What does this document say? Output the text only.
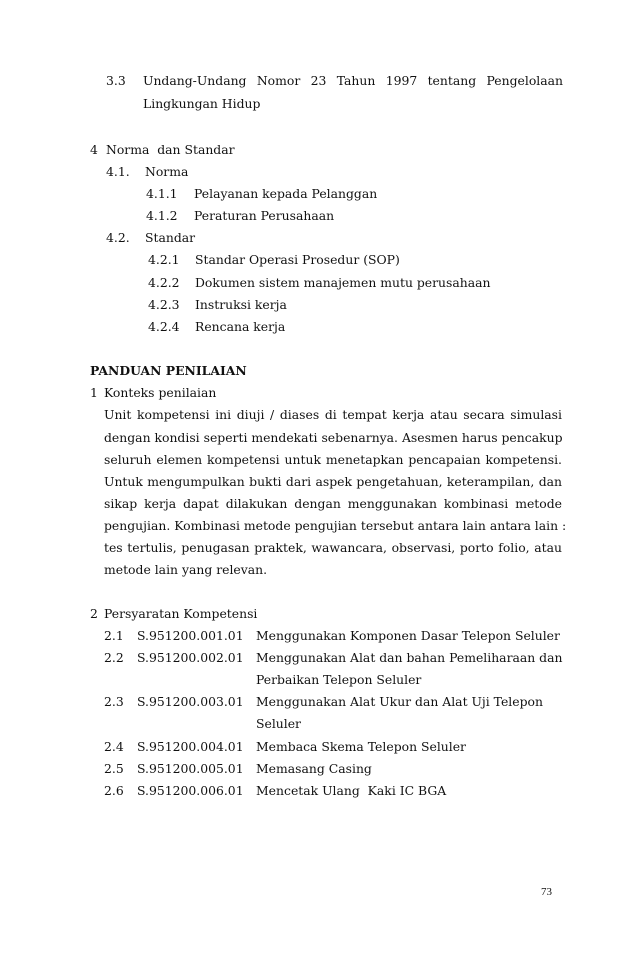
3.3 Undang-Undang Nomor 23 Tahun 1997 tentang Pengelolaan
Lingkungan Hidup
4 Norma  dan Standar
4.1. Norma
4.1.1 Pelayanan kepada Pelanggan
4.1.2 Peraturan Perusahaan
4.2. Standar
4.2.1 Standar Operasi Prosedur (SOP)
4.2.2 Dokumen sistem manajemen mutu perusahaan
4.2.3 Instruksi kerja
4.2.4 Rencana kerja
PANDUAN PENILAIAN
1 Konteks penilaian
Unit kompetensi ini diuji / diases di tempat kerja atau secara simulasi
dengan kondisi seperti mendekati sebenarnya. Asesmen harus pencakup
seluruh elemen kompetensi untuk menetapkan pencapaian kompetensi.
Untuk mengumpulkan bukti dari aspek pengetahuan, keterampilan, dan
sikap kerja dapat dilakukan dengan menggunakan kombinasi metode
pengujian. Kombinasi metode pengujian tersebut antara lain antara lain :
tes tertulis, penugasan praktek, wawancara, observasi, porto folio, atau
metode lain yang relevan.
2 Persyaratan Kompetensi
2.1 S.951200.001.01 Menggunakan Komponen Dasar Telepon Seluler
2.2 S.951200.002.01 Menggunakan Alat dan bahan Pemeliharaan dan
Perbaikan Telepon Seluler
2.3 S.951200.003.01 Menggunakan Alat Ukur dan Alat Uji Telepon
Seluler
2.4 S.951200.004.01 Membaca Skema Telepon Seluler
2.5 S.951200.005.01 Memasang Casing
2.6 S.951200.006.01 Mencetak Ulang  Kaki IC BGA
73
